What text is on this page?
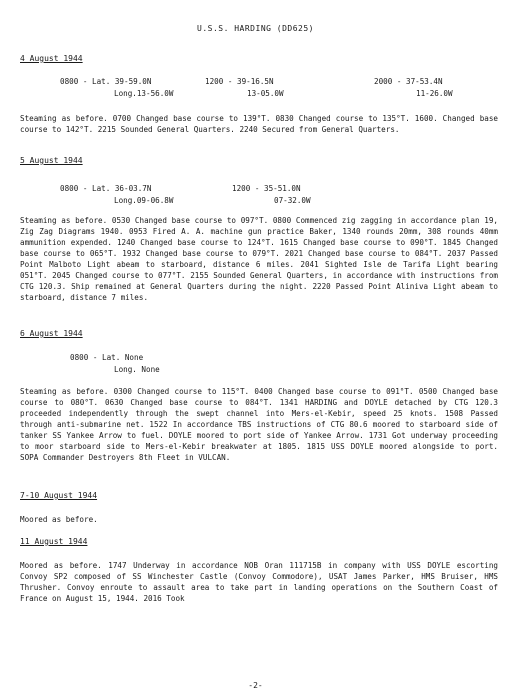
U.S.S. HARDING (DD625)
4 August 1944
0800 - Lat. 39-59.0N
Long.13-56.0W
1200 - 39-16.5N
13-05.0W
2000 - 37-53.4N
11-26.0W

Steaming as before. 0700 Changed base course to 139°T. 0830 Changed course to 135°T. 1600. Changed base course to 142°T. 2215 Sounded General Quarters. 2240 Secured from General Quarters.

5 August 1944
0800 - Lat. 36-03.7N
Long.09-06.8W
1200 - 35-51.0N
07-32.0W

Steaming as before. 0530 Changed base course to 097°T. 0800 Commenced zig zagging in accordance plan 19, Zig Zag Diagrams 1940. 0953 Fired A. A. machine gun practice Baker, 1340 rounds 20mm, 308 rounds 40mm ammunition expended. 1240 Changed base course to 124°T. 1615 Changed base course to 090°T. 1845 Changed base course to 065°T. 1932 Changed base course to 079°T. 2021 Changed base course to 084°T. 2037 Passed Point Malboto Light abeam to starboard, distance 6 miles. 2041 Sighted Isle de Tarifa Light bearing 051°T. 2045 Changed course to 077°T. 2155 Sounded General Quarters, in accordance with instructions from CTG 120.3. Ship remained at General Quarters during the night. 2220 Passed Point Aliniva Light abeam to starboard, distance 7 miles.

6 August 1944
0800 - Lat. None
Long. None

Steaming as before. 0300 Changed course to 115°T. 0400 Changed base course to 091°T. 0500 Changed base course to 080°T. 0630 Changed base course to 084°T. 1341 HARDING and DOYLE detached by CTG 120.3 proceeded independently through the swept channel into Mers-el-Kebir, speed 25 knots. 1508 Passed through anti-submarine net. 1522 In accordance TBS instructions of CTG 80.6 moored to starboard side of tanker SS Yankee Arrow to fuel. DOYLE moored to port side of Yankee Arrow. 1731 Got underway proceeding to moor starboard side to Mers-el-Kebir breakwater at 1805. 1815 USS DOYLE moored alongside to port. SOPA Commander Destroyers 8th Fleet in VULCAN.

7-10 August 1944

Moored as before.

11 August 1944

Moored as before. 1747 Underway in accordance NOB Oran 111715B in company with USS DOYLE escorting Convoy SP2 composed of SS Winchester Castle (Convoy Commodore), USAT James Parker, HMS Bruiser, HMS Thrusher. Convoy enroute to assault area to take part in landing operations on the Southern Coast of France on August 15, 1944. 2016 Took

-2-
